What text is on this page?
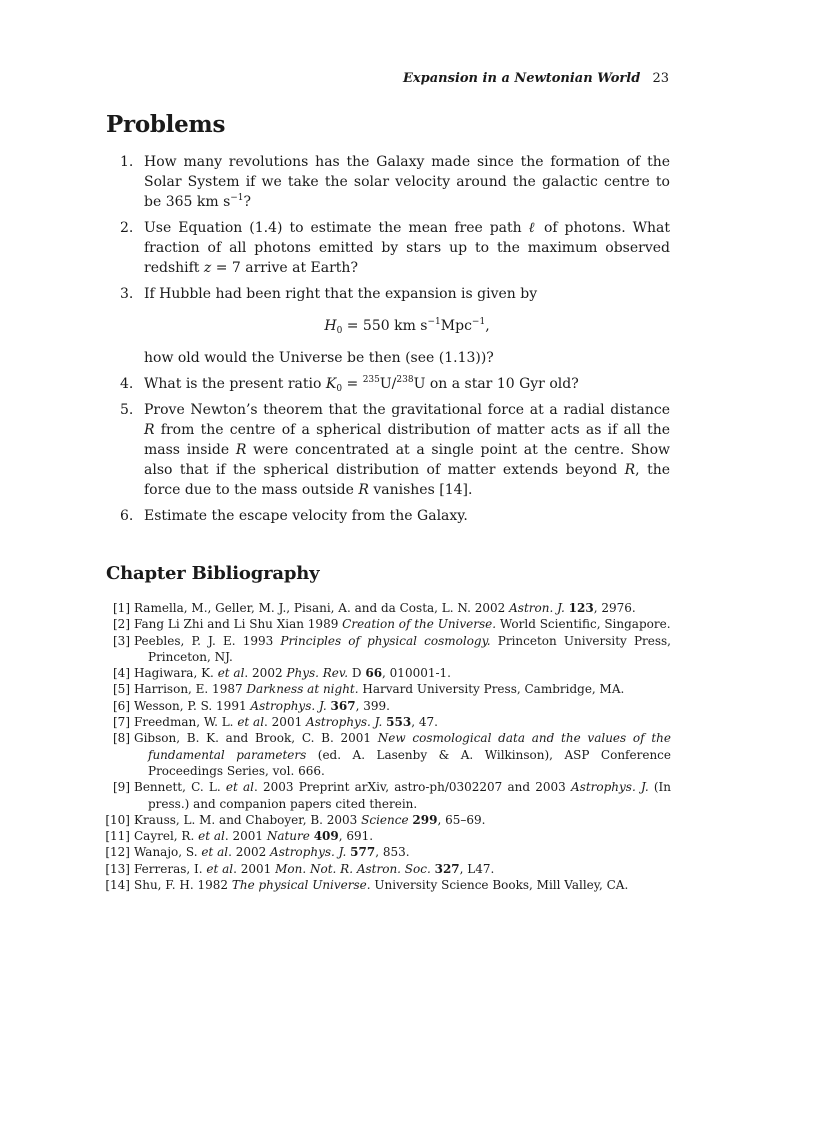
Expansion in a Newtonian World 23
Problems
1. How many revolutions has the Galaxy made since the formation of the Solar System if we take the solar velocity around the galactic centre to be 365 km $s^{-1}$?
2. Use Equation (1.4) to estimate the mean free path ℓ of photons. What fraction of all photons emitted by stars up to the maximum observed redshift z = 7 arrive at Earth?
3. If Hubble had been right that the expansion is given by
$H_0 = 550$ km $s^{-1}Mpc^{-1}$,
how old would the Universe be then (see (1.13))?
4. What is the present ratio $K_0 = ^{235}U/^{238}U$ on a star 10 Gyr old?
5. Prove Newton’s theorem that the gravitational force at a radial distance R from the centre of a spherical distribution of matter acts as if all the mass inside R were concentrated at a single point at the centre. Show also that if the spherical distribution of matter extends beyond R, the force due to the mass outside R vanishes [14].
6. Estimate the escape velocity from the Galaxy.
Chapter Bibliography
[1] Ramella, M., Geller, M. J., Pisani, A. and da Costa, L. N. 2002 Astron. J. 123, 2976.
[2] Fang Li Zhi and Li Shu Xian 1989 Creation of the Universe. World Scientific, Singapore.
[3] Peebles, P. J. E. 1993 Principles of physical cosmology. Princeton University Press, Princeton, NJ.
[4] Hagiwara, K. et al. 2002 Phys. Rev. D 66, 010001-1.
[5] Harrison, E. 1987 Darkness at night. Harvard University Press, Cambridge, MA.
[6] Wesson, P. S. 1991 Astrophys. J. 367, 399.
[7] Freedman, W. L. et al. 2001 Astrophys. J. 553, 47.
[8] Gibson, B. K. and Brook, C. B. 2001 New cosmological data and the values of the fundamental parameters (ed. A. Lasenby & A. Wilkinson), ASP Conference Proceedings Series, vol. 666.
[9] Bennett, C. L. et al. 2003 Preprint arXiv, astro-ph/0302207 and 2003 Astrophys. J. (In press.) and companion papers cited therein.
[10] Krauss, L. M. and Chaboyer, B. 2003 Science 299, 65–69.
[11] Cayrel, R. et al. 2001 Nature 409, 691.
[12] Wanajo, S. et al. 2002 Astrophys. J. 577, 853.
[13] Ferreras, I. et al. 2001 Mon. Not. R. Astron. Soc. 327, L47.
[14] Shu, F. H. 1982 The physical Universe. University Science Books, Mill Valley, CA.
